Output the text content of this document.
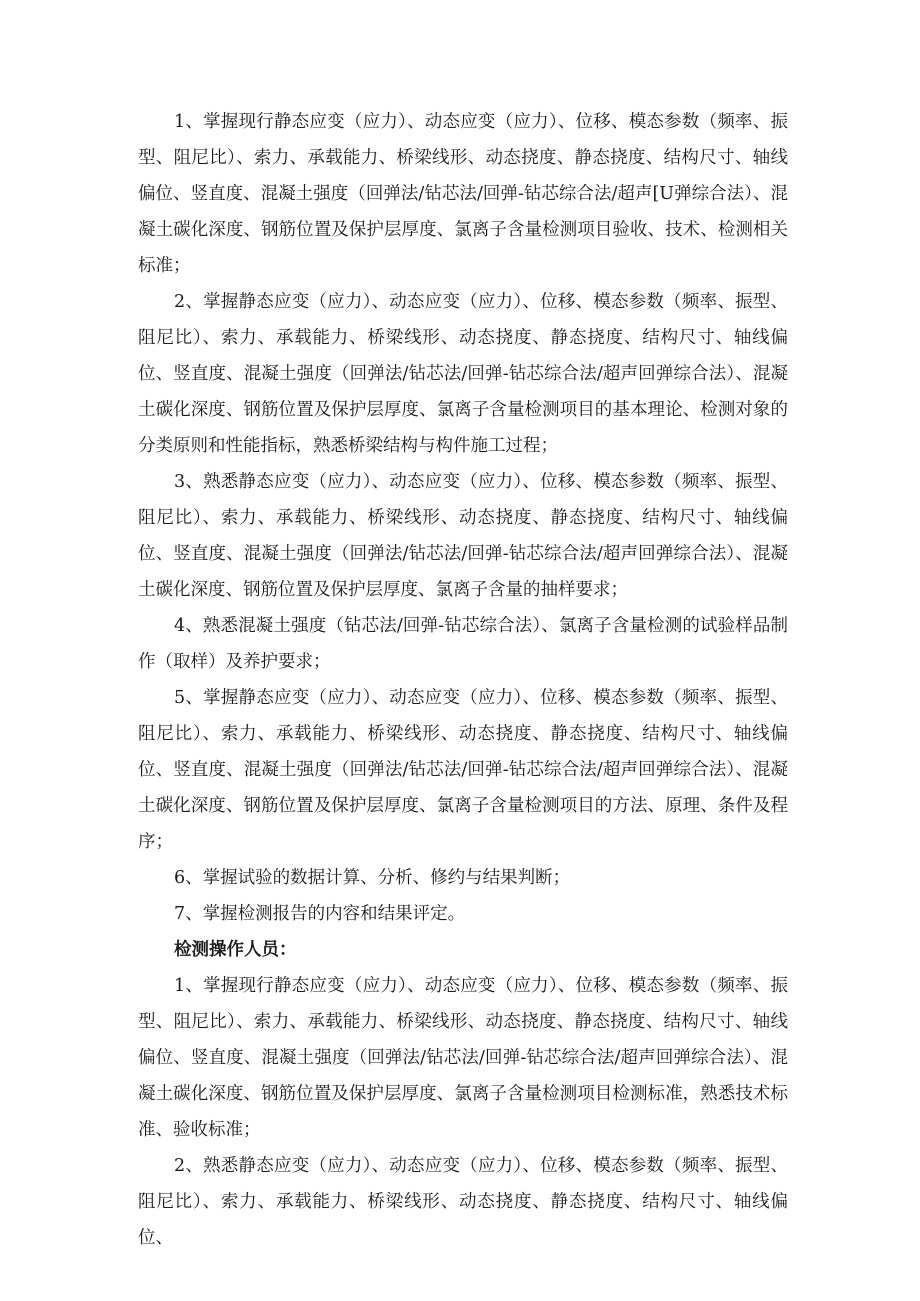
1、掌握现行静态应变（应力）、动态应变（应力）、位移、模态参数（频率、振型、阻尼比）、索力、承载能力、桥梁线形、动态挠度、静态挠度、结构尺寸、轴线偏位、竖直度、混凝土强度（回弹法/钻芯法/回弹-钻芯综合法/超声[U弹综合法）、混凝土碳化深度、钢筋位置及保护层厚度、氯离子含量检测项目验收、技术、检测相关标准；

2、掌握静态应变（应力）、动态应变（应力）、位移、模态参数（频率、振型、阻尼比）、索力、承载能力、桥梁线形、动态挠度、静态挠度、结构尺寸、轴线偏位、竖直度、混凝土强度（回弹法/钻芯法/回弹-钻芯综合法/超声回弹综合法）、混凝土碳化深度、钢筋位置及保护层厚度、氯离子含量检测项目的基本理论、检测对象的分类原则和性能指标，熟悉桥梁结构与构件施工过程；

3、熟悉静态应变（应力）、动态应变（应力）、位移、模态参数（频率、振型、阻尼比）、索力、承载能力、桥梁线形、动态挠度、静态挠度、结构尺寸、轴线偏位、竖直度、混凝土强度（回弹法/钻芯法/回弹-钻芯综合法/超声回弹综合法）、混凝土碳化深度、钢筋位置及保护层厚度、氯离子含量的抽样要求；

4、熟悉混凝土强度（钻芯法/回弹-钻芯综合法）、氯离子含量检测的试验样品制作（取样）及养护要求；

5、掌握静态应变（应力）、动态应变（应力）、位移、模态参数（频率、振型、阻尼比）、索力、承载能力、桥梁线形、动态挠度、静态挠度、结构尺寸、轴线偏位、竖直度、混凝土强度（回弹法/钻芯法/回弹-钻芯综合法/超声回弹综合法）、混凝土碳化深度、钢筋位置及保护层厚度、氯离子含量检测项目的方法、原理、条件及程序；

6、掌握试验的数据计算、分析、修约与结果判断；

7、掌握检测报告的内容和结果评定。

检测操作人员：

1、掌握现行静态应变（应力）、动态应变（应力）、位移、模态参数（频率、振型、阻尼比）、索力、承载能力、桥梁线形、动态挠度、静态挠度、结构尺寸、轴线偏位、竖直度、混凝土强度（回弹法/钻芯法/回弹-钻芯综合法/超声回弹综合法）、混凝土碳化深度、钢筋位置及保护层厚度、氯离子含量检测项目检测标准，熟悉技术标准、验收标准；

2、熟悉静态应变（应力）、动态应变（应力）、位移、模态参数（频率、振型、阻尼比）、索力、承载能力、桥梁线形、动态挠度、静态挠度、结构尺寸、轴线偏位、
